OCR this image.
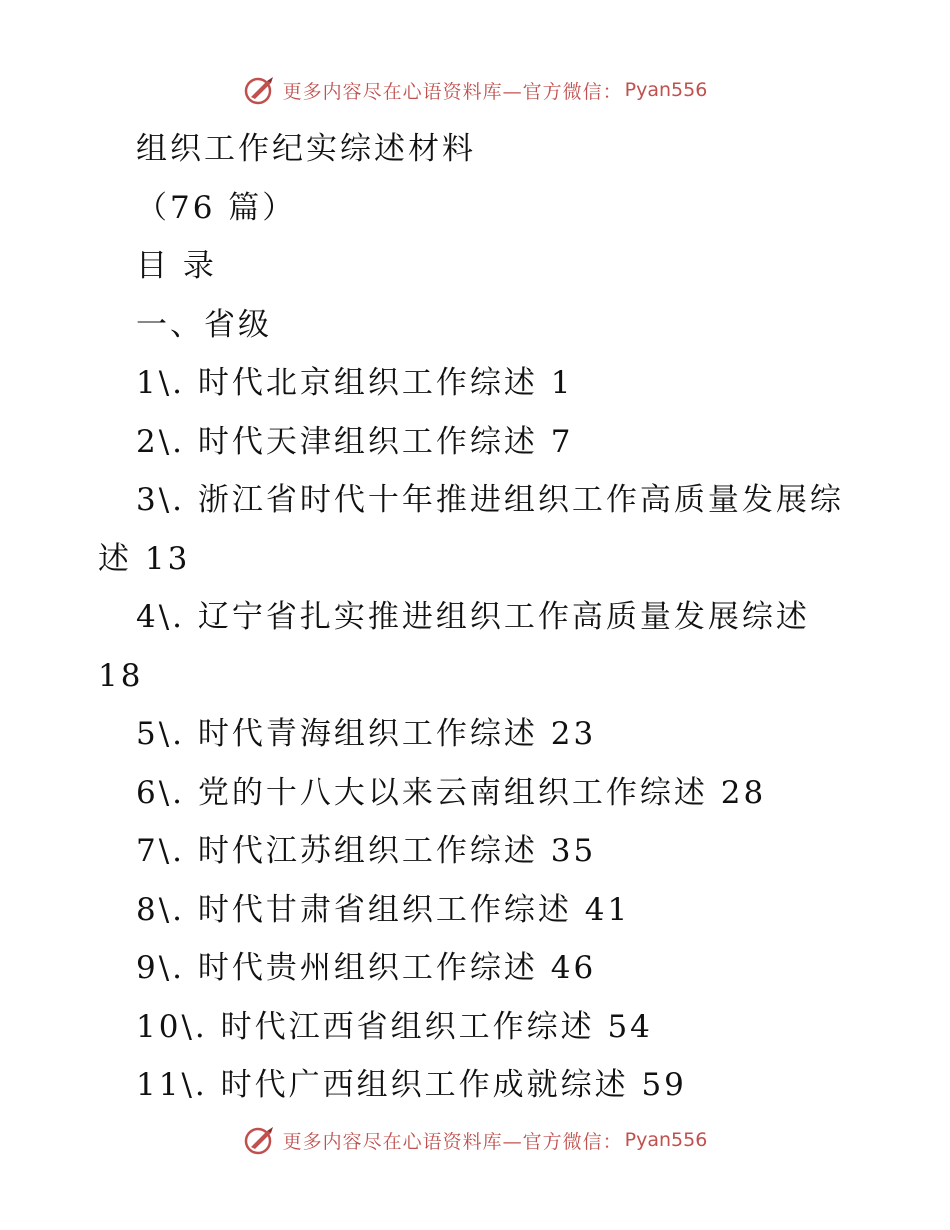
更多内容尽在心语资料库—官方微信： Pyan556
组织工作纪实综述材料
（76 篇）
目 录
一、省级
1\. 时代北京组织工作综述 1
2\. 时代天津组织工作综述 7
3\. 浙江省时代十年推进组织工作高质量发展综
述 13
4\. 辽宁省扎实推进组织工作高质量发展综述
18
5\. 时代青海组织工作综述 23
6\. 党的十八大以来云南组织工作综述 28
7\. 时代江苏组织工作综述 35
8\. 时代甘肃省组织工作综述 41
9\. 时代贵州组织工作综述 46
10\. 时代江西省组织工作综述 54
11\. 时代广西组织工作成就综述 59
更多内容尽在心语资料库—官方微信： Pyan556
